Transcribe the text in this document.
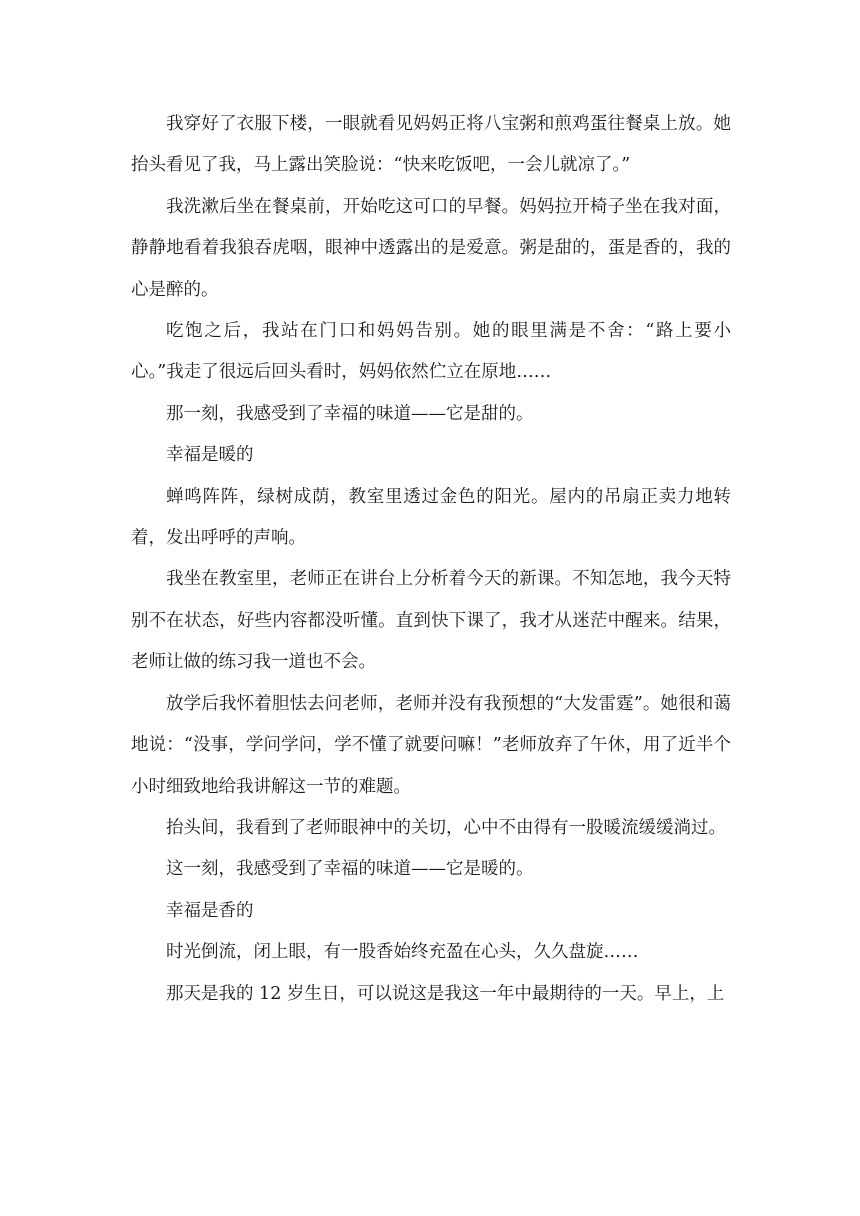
我穿好了衣服下楼，一眼就看见妈妈正将八宝粥和煎鸡蛋往餐桌上放。她抬头看见了我，马上露出笑脸说：“快来吃饭吧，一会儿就凉了。”

我洗漱后坐在餐桌前，开始吃这可口的早餐。妈妈拉开椅子坐在我对面，静静地看着我狼吞虎咽，眼神中透露出的是爱意。粥是甜的，蛋是香的，我的心是醉的。

吃饱之后，我站在门口和妈妈告别。她的眼里满是不舍：“路上要小心。”我走了很远后回头看时，妈妈依然伫立在原地……

那一刻，我感受到了幸福的味道——它是甜的。

幸福是暖的

蝉鸣阵阵，绿树成荫，教室里透过金色的阳光。屋内的吊扇正卖力地转着，发出呼呼的声响。

我坐在教室里，老师正在讲台上分析着今天的新课。不知怎地，我今天特别不在状态，好些内容都没听懂。直到快下课了，我才从迷茫中醒来。结果，老师让做的练习我一道也不会。

放学后我怀着胆怯去问老师，老师并没有我预想的“大发雷霆”。她很和蔼地说：“没事，学问学问，学不懂了就要问嘛！”老师放弃了午休，用了近半个小时细致地给我讲解这一节的难题。

抬头间，我看到了老师眼神中的关切，心中不由得有一股暖流缓缓淌过。

这一刻，我感受到了幸福的味道——它是暖的。

幸福是香的

时光倒流，闭上眼，有一股香始终充盈在心头，久久盘旋……

那天是我的 12 岁生日，可以说这是我这一年中最期待的一天。早上，上
